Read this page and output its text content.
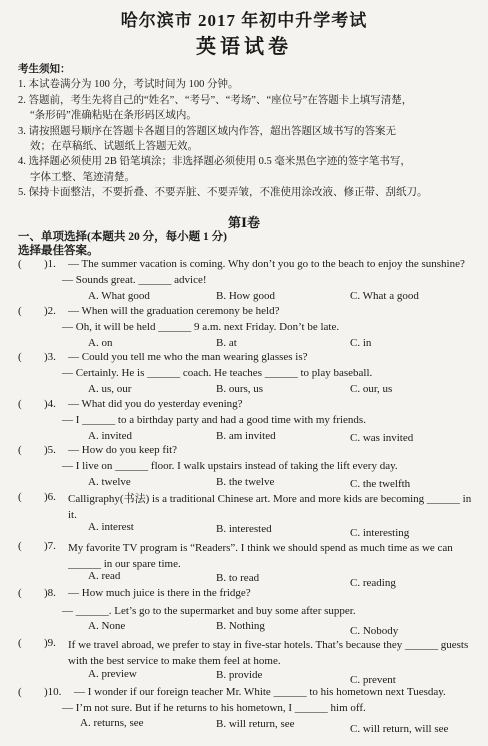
哈尔滨市 2017 年初中升学考试
英语试卷
考生须知：
1. 本试卷满分为 100 分，考试时间为 100 分钟。
2. 答题前，考生先将自己的“姓名”、“考号”、“考场”、“座位号”在答题卡上填写清楚，
“条形码”准确粘贴在条形码区域内。
3. 请按照题号顺序在答题卡各题目的答题区域内作答，超出答题区域书写的答案无
效；在草稿纸、试题纸上答题无效。
4. 选择题必须使用 2B 铅笔填涂；非选择题必须使用 0.5 毫米黑色字迹的签字笔书写，
字体工整、笔迹清楚。
5. 保持卡面整洁，不要折叠、不要弄脏、不要弄皱，不准使用涂改液、修正带、刮纸刀。
第Ⅰ卷
一、单项选择(本题共 20 分，每小题 1 分)
选择最佳答案。
( )1. — The summer vacation is coming. Why don’t you go to the beach to enjoy the sunshine?
— Sounds great. ______ advice!
A. What good	B. How good	C. What a good
( )2. — When will the graduation ceremony be held?
— Oh, it will be held ______ 9 a.m. next Friday. Don’t be late.
A. on	B. at	C. in
( )3. — Could you tell me who the man wearing glasses is?
— Certainly. He is ______ coach. He teaches ______ to play baseball.
A. us, our	B. ours, us	C. our, us
( )4. — What did you do yesterday evening?
— I ______ to a birthday party and had a good time with my friends.
A. invited	B. am invited	C. was invited
( )5. — How do you keep fit?
— I live on ______ floor. I walk upstairs instead of taking the lift every day.
A. twelve	B. the twelve	C. the twelfth
( )6. Calligraphy(书法) is a traditional Chinese art. More and more kids are becoming ______ in it.
A. interest	B. interested	C. interesting
( )7. My favorite TV program is “Readers”. I think we should spend as much time as we can ______ in our spare time.
A. read	B. to read	C. reading
( )8. — How much juice is there in the fridge?
— ______. Let’s go to the supermarket and buy some after supper.
A. None	B. Nothing	C. Nobody
( )9. If we travel abroad, we prefer to stay in five-star hotels. That’s because they ______ guests with the best service to make them feel at home.
A. preview	B. provide	C. prevent
( )10. — I wonder if our foreign teacher Mr. White ______ to his hometown next Tuesday.
— I’m not sure. But if he returns to his hometown, I ______ him off.
A. returns, see	B. will return, see	C. will return, will see
